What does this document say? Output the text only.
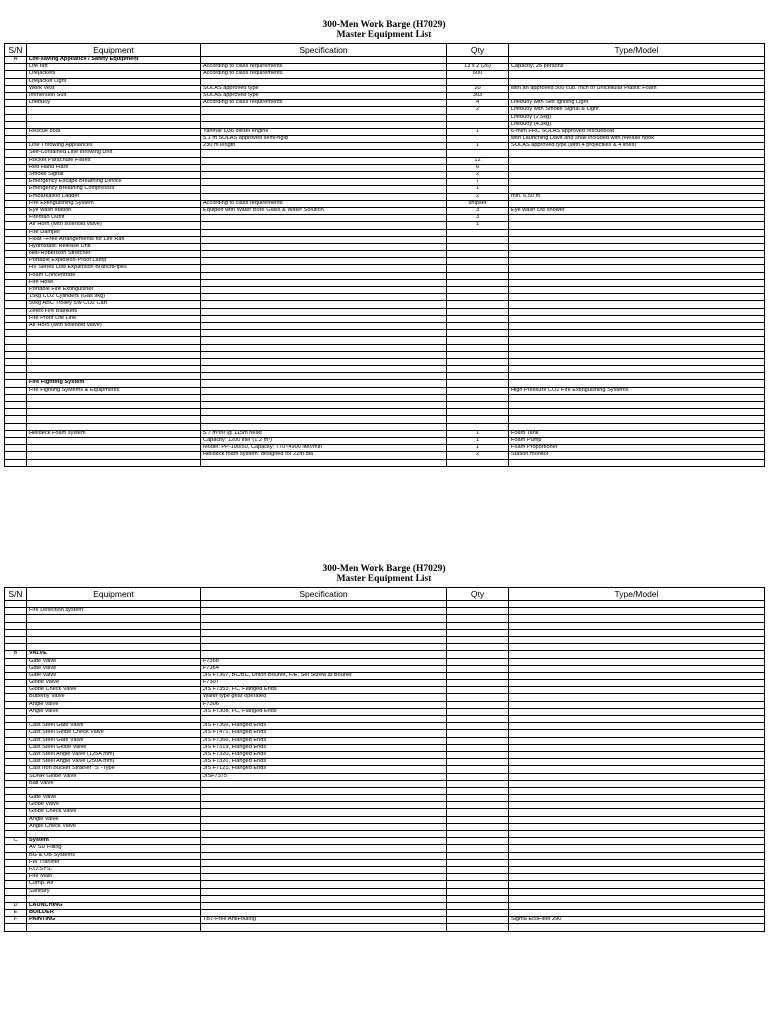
300-Men Work Barge (H7029)
Master Equipment List
S/N	Equipment	Specification	Qty	Type/Model
A	Life-saving Appliance / Safety Equipment			
	Life raft	According to class requirements	13 x 2 (26)	Capacity: 25 persons
	Lifejackets	According to class requirements	600	
	Lifejacket Light			
	Work Vest	SOLAS approved type	20	with an approved 500 cub. Inch of Unicellular Plastic Foam
	Immersion Suit	SOLAS approved type	303	
	Lifebuoy	According to class requirements	4	Lifebuoy with Self Igniting Light
			2	Lifebuoy with Smoke Signal & Light
				Lifebuoy (2.5kg)
				Lifebuoy (4.3kg)
	Rescue boat	Yanmar D36 diesel engine	1	6-men FRC SOLAS approved rescueboat
		5.1 m SOLAS approved semi-rigid		with Launching Davit and shall included with release hook
	Line Throwing Appliances	230 m length	1	SOLAS approved type (with 4 projectiles & 4 lines)
	Self-Contained Line throwing Unit			
	Rocket Parachute Flares		12	
	Red Hand Flare		6	
	Smoke Signal		2	
	Emergency Escape Breathing Device		7	
	Emergency Breathing Compressor		1	
	Embarkation Ladder		2	min. 6.50 m
	Fire Extinguishing System	According to class requirements	shipset	
	Eye wash station	Equiped with Water Bore Glass & Water Solution	3	Eye wash c/w shower
	Fireman Outfit		3	
	Air Horn (with solenoid valve)		1	
	Fire Damper			
	Float –Free Arrangements for Life Raft			
	Hydrostatic Release Unit			
	Neil-Robertson Stretcher			
	Portable Explosion-Proof Lamp			
	HV Series Low Expansion BranchPipes			
	Foam Concentrate			
	Fire Hose			
	Portable Fire Extinguisher			
	15kg CO2 Cylinders (Gas 9kg)			
	50kg ABC Trolley c/w CO2 Cart			
	Zetex Fire Blankets			
	Fire Proof Life Line			
	Air Horn (with solenoid valve)			

	Fire Fighting System			
	Fire Fighting Systems & Equipments			High Pressure CO2 Fire Extinguishing Systems

	Helideck Foam system	5.7 m³/hr @ 115m head	1	Foam Tank
		Capacity: 1200 liter (1.2 m³)	1	Foam Pump
		Model: PP-100/50, Capacity: 770~4900 liter/min	1	Foam Proportioner
		Helideck foam system: designed for 22m dia	2	Station monitor

300-Men Work Barge (H7029)
Master Equipment List
S/N	Equipment	Specification	Qty	Type/Model

	Fire Detection system:			

B	VALVE			
	Gate Valve	F7368		
	Gate Valve	F7364		
	Gate Valve	JIS F7367, BC/BC, Union Bounet, F/E, Set Screw at Bounet		
	Globe Valve	F7307		
	Globe Check Valve	JIS F7353, FC, Flanged Ends		
	Butterfly Valve	Wafer type gear operated		
	Angle Valve	F7306		
	Angle Valve	JIS F7308, FC, Flanged Ends		

	Cast Steel Gate Valve	JIS F7366, Flanged Ends		
	Cast Steel Globe Check Valve	JIS F7471, Flanged Ends		
	Cast Steel Gate Valve	JIS F7366, Flanged Ends		
	Cast Steel Globe Valve	JIS F7319, Flanged Ends		
	Cast Steel Angle Valve (125A mm)	JIS F7320, Flanged Ends		
	Cast Steel Angle Valve (250A mm)	JIS F7320, Flanged Ends		
	Cast Iron Bucket Strainer "S"-Type	JIS F7121, Flanged Ends		
	SDNR Globe Valve	JISF7375		
	Ball Valve			

	Gate Valve			
	Globe Valve			
	Globe Check Valve			
	Angle Valve			
	Angle Check Valve			

C	System			
	AV SD Filling			
	BG & OB Systems			
	FW Transfer			
	F.O.SYS.			
	Fire Main			
	Comp. Air			
	Sanitary			

D	LAUNCHING			
E	BUILDER			
F	PAINTING	TBT-Free AntiFouling		Sigma EcoFleet 290
